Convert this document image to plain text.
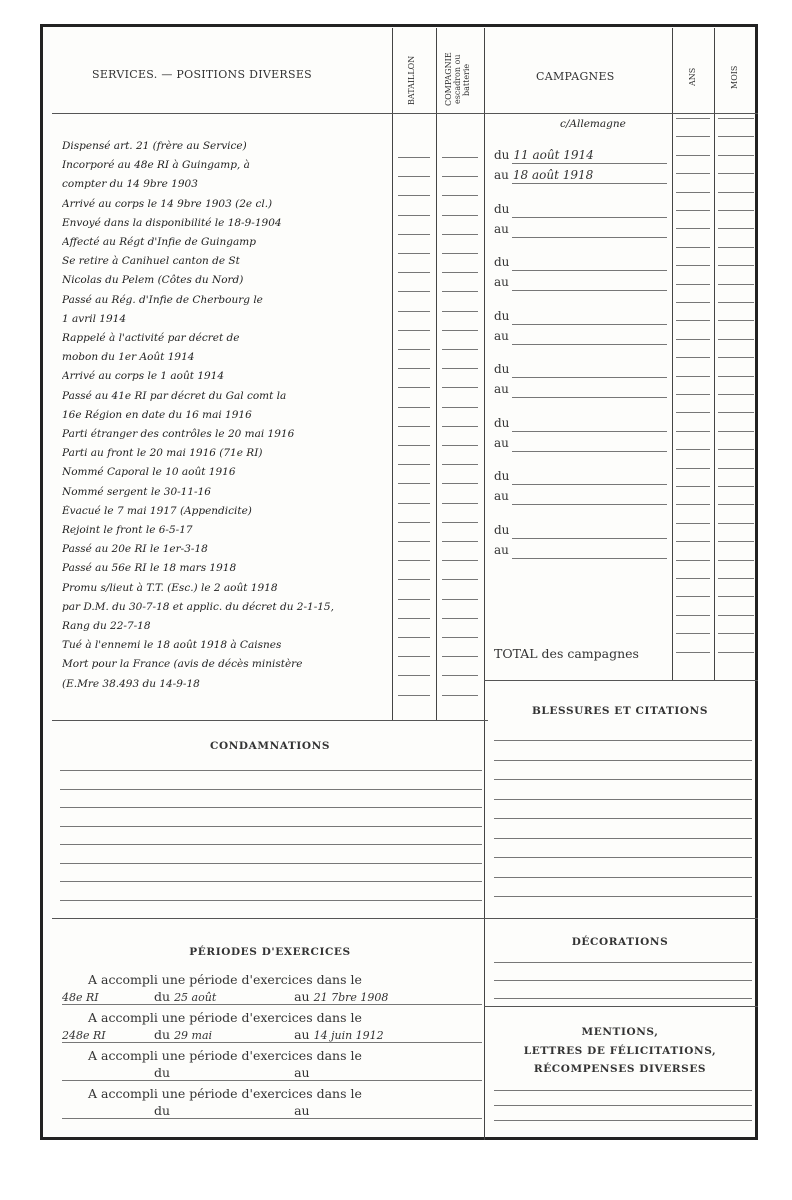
SERVICES. — POSITIONS DIVERSES	BATAILLON	COMPAGNIE escadron ou batterie	CAMPAGNES	ANS	MOIS
Dispensé art. 21 (frère au Service)
Incorporé au 48e RI à Guingamp, à
compter du 14 9bre 1903
Arrivé au corps le 14 9bre 1903 (2e cl.)
Envoyé dans la disponibilité le 18-9-1904
Affecté au Régt d'Infie de Guingamp
Se retire à Canihuel canton de St
Nicolas du Pelem (Côtes du Nord)
Passé au Rég. d'Infie de Cherbourg le
1 avril 1914
Rappelé à l'activité par décret de
mobon du 1er Août 1914
Arrivé au corps le 1 août 1914
Passé au 41e RI par décret du Gal comt la
16e Région en date du 16 mai 1916
Parti étranger des contrôles le 20 mai 1916
Parti au front le 20 mai 1916 (71e RI)
Nommé Caporal le 10 août 1916
Nommé sergent le 30-11-16
Évacué le 7 mai 1917 (Appendicite)
Rejoint le front le 6-5-17
Passé au 20e RI le 1er-3-18
Passé au 56e RI le 18 mars 1918
Promu s/lieut à T.T. (Esc.) le 2 août 1918
par D.M. du 30-7-18 et applic. du décret du 2-1-15,
Rang du 22-7-18
Tué à l'ennemi le 18 août 1918 à Caisnes
Mort pour la France (avis de décès ministère
(E.Mre 38.493 du 14-9-18
c/Allemagne
du 11 août 1914
au 18 août 1918
du
au
du
au
du
au
du
au
du
au
du
au
du
au
TOTAL des campagnes
CONDAMNATIONS
BLESSURES ET CITATIONS
PÉRIODES D'EXERCICES
A accompli une période d'exercices dans le
48e RI	du 25 août	au 21 7bre 1908
A accompli une période d'exercices dans le
248e RI	du 29 mai	au 14 juin 1912
A accompli une période d'exercices dans le
du	au
A accompli une période d'exercices dans le
du	au
DÉCORATIONS
MENTIONS,
LETTRES DE FÉLICITATIONS,
RÉCOMPENSES DIVERSES
